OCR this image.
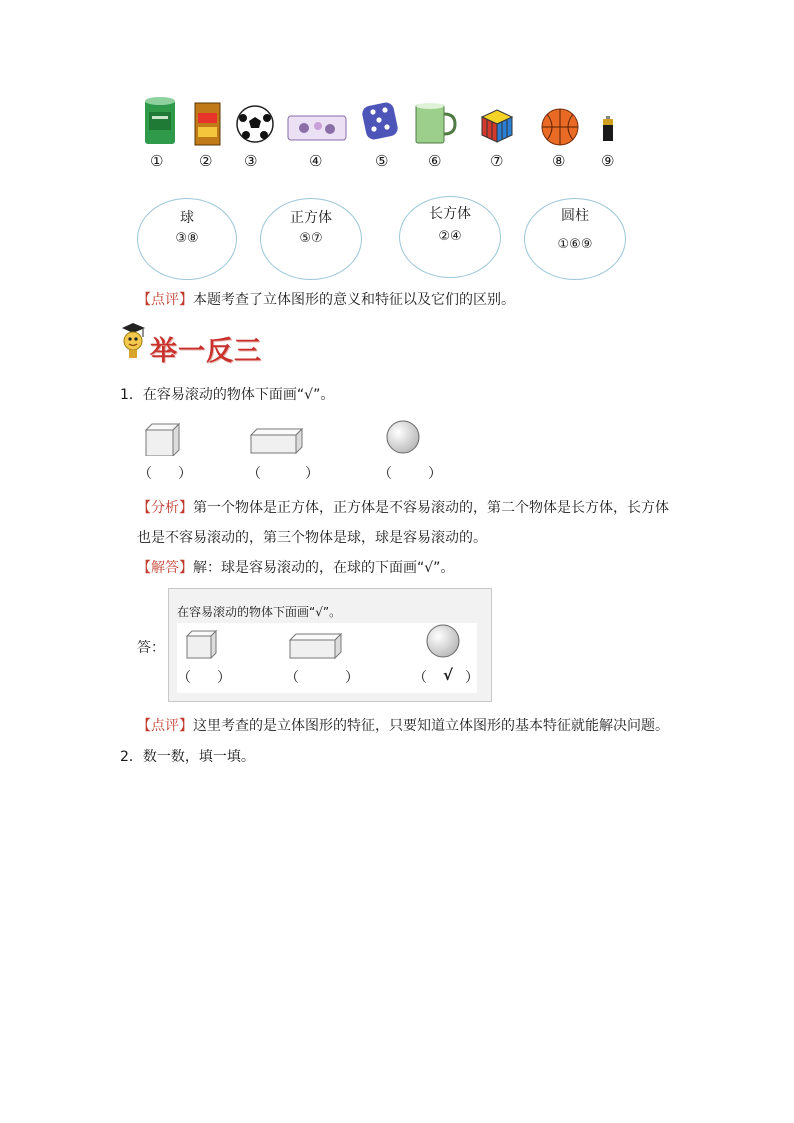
① ② ③	④	⑤	⑥	⑦	⑧ ⑨
球
③⑧
正方体
⑤⑦
长方体
②④
圆柱
①⑥⑨
【点评】本题考查了立体图形的意义和特征以及它们的区别。
举一反三
1．在容易滚动的物体下面画“√”。
（ ）	（	）	（	）
【分析】第一个物体是正方体，正方体是不容易滚动的，第二个物体是长方体，长方体
也是不容易滚动的，第三个物体是球，球是容易滚动的。
【解答】解：球是容易滚动的，在球的下面画“√”。
答：
在容易滚动的物体下面画“√”。
（ ）	（	）	（ √ ）
【点评】这里考查的是立体图形的特征，只要知道立体图形的基本特征就能解决问题。
2．数一数，填一填。
